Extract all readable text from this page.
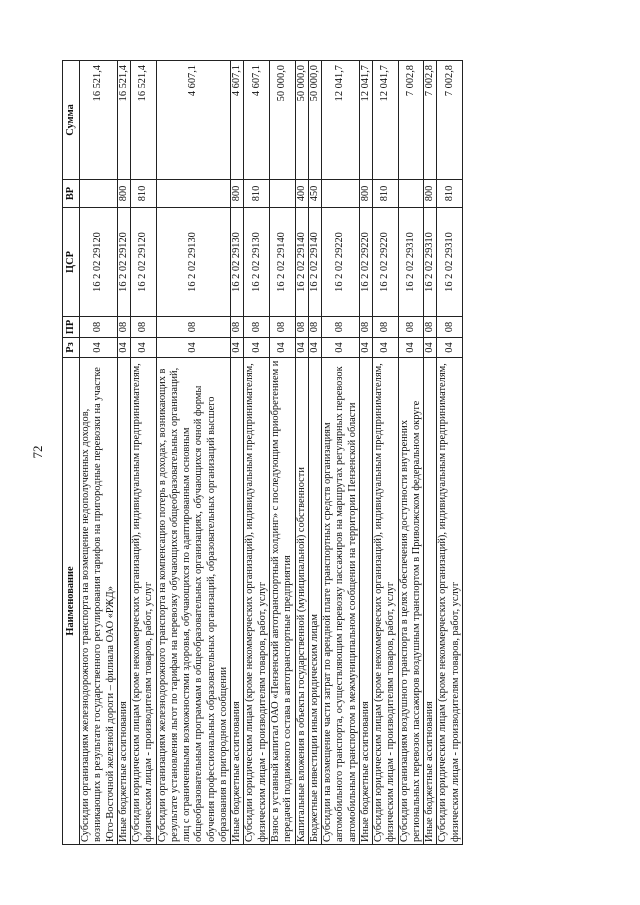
72
Наименование	Рз	ПР	ЦСР	ВР	Сумма
Субсидии организациям железнодорожного транспорта на возмещение недополученных доходов, возникающих в результате государственного регулирования тарифов на пригородные перевозки на участке Юго-Восточной железной дороги – филиала ОАО «РЖД»	04	08	16 2 02 29120		16 521,4
Иные бюджетные ассигнования	04	08	16 2 02 29120	800	16 521,4
Субсидии юридическим лицам (кроме некоммерческих организаций), индивидуальным предпринимателям, физическим лицам - производителям товаров, работ, услуг	04	08	16 2 02 29120	810	16 521,4
Субсидии организациям железнодорожного транспорта на компенсацию потерь в доходах, возникающих в результате установления льгот по тарифам на перевозку обучающихся общеобразовательных организаций, лиц с ограниченными возможностями здоровья, обучающихся по адаптированным основным общеобразовательным программам в общеобразовательных организациях, обучающихся очной формы обучения профессиональных образовательных организаций, образовательных организаций высшего образования в пригородном сообщении	04	08	16 2 02 29130		4 607,1
Иные бюджетные ассигнования	04	08	16 2 02 29130	800	4 607,1
Субсидии юридическим лицам (кроме некоммерческих организаций), индивидуальным предпринимателям, физическим лицам - производителям товаров, работ, услуг	04	08	16 2 02 29130	810	4 607,1
Взнос в уставный капитал ОАО «Пензенский автотранспортный холдинг» с последующим приобретением и передачей подвижного состава в автотранспортные предприятия	04	08	16 2 02 29140		50 000,0
Капитальные вложения в объекты государственной (муниципальной) собственности	04	08	16 2 02 29140	400	50 000,0
Бюджетные инвестиции иным юридическим лицам	04	08	16 2 02 29140	450	50 000,0
Субсидии на возмещение части затрат по арендной плате транспортных средств организациям автомобильного транспорта, осуществляющим перевозку пассажиров на маршрутах регулярных перевозок автомобильным транспортом в межмуниципальном сообщении на территории Пензенской области	04	08	16 2 02 29220		12 041,7
Иные бюджетные ассигнования	04	08	16 2 02 29220	800	12 041,7
Субсидии юридическим лицам (кроме некоммерческих организаций), индивидуальным предпринимателям, физическим лицам - производителям товаров, работ, услуг	04	08	16 2 02 29220	810	12 041,7
Субсидии организациям воздушного транспорта в целях обеспечения доступности внутренних региональных перевозок пассажиров воздушным транспортом в Приволжском федеральном округе	04	08	16 2 02 29310		7 002,8
Иные бюджетные ассигнования	04	08	16 2 02 29310	800	7 002,8
Субсидии юридическим лицам (кроме некоммерческих организаций), индивидуальным предпринимателям, физическим лицам - производителям товаров, работ, услуг	04	08	16 2 02 29310	810	7 002,8
